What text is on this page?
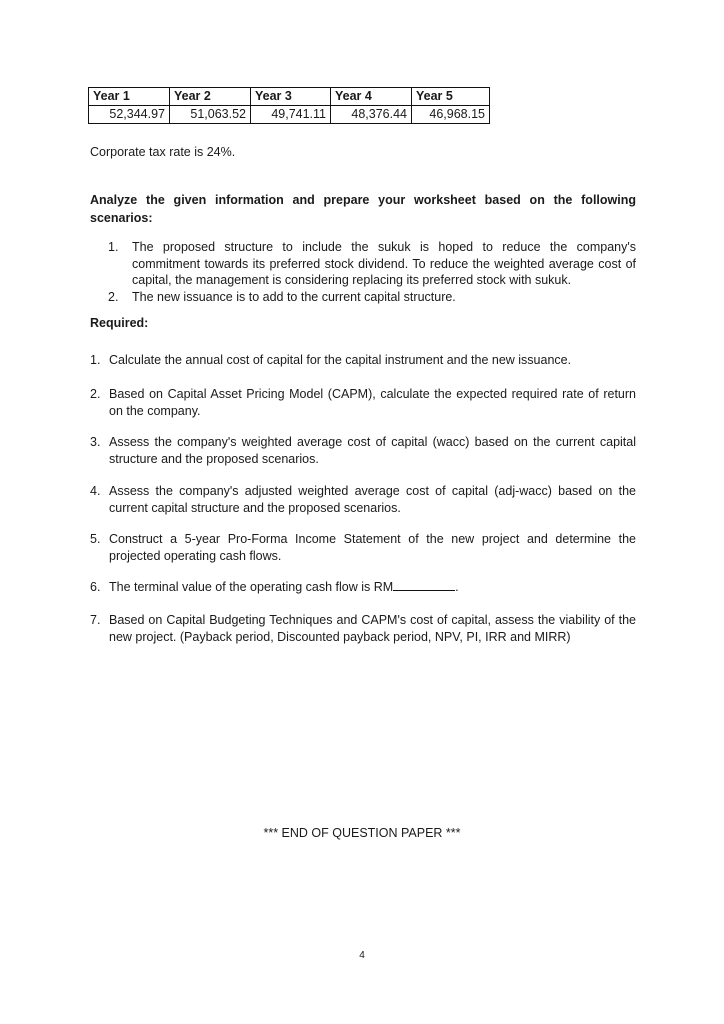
Year 1	Year 2	Year 3	Year 4	Year 5
52,344.97	51,063.52	49,741.11	48,376.44	46,968.15
Corporate tax rate is 24%.
Analyze the given information and prepare your worksheet based on the following scenarios:
1. The proposed structure to include the sukuk is hoped to reduce the company's commitment towards its preferred stock dividend. To reduce the weighted average cost of capital, the management is considering replacing its preferred stock with sukuk.
2. The new issuance is to add to the current capital structure.
Required:
1. Calculate the annual cost of capital for the capital instrument and the new issuance.
2. Based on Capital Asset Pricing Model (CAPM), calculate the expected required rate of return on the company.
3. Assess the company's weighted average cost of capital (wacc) based on the current capital structure and the proposed scenarios.
4. Assess the company's adjusted weighted average cost of capital (adj-wacc) based on the current capital structure and the proposed scenarios.
5. Construct a 5-year Pro-Forma Income Statement of the new project and determine the projected operating cash flows.
6. The terminal value of the operating cash flow is RM	.
7. Based on Capital Budgeting Techniques and CAPM's cost of capital, assess the viability of the new project. (Payback period, Discounted payback period, NPV, PI, IRR and MIRR)
*** END OF QUESTION PAPER ***
4
